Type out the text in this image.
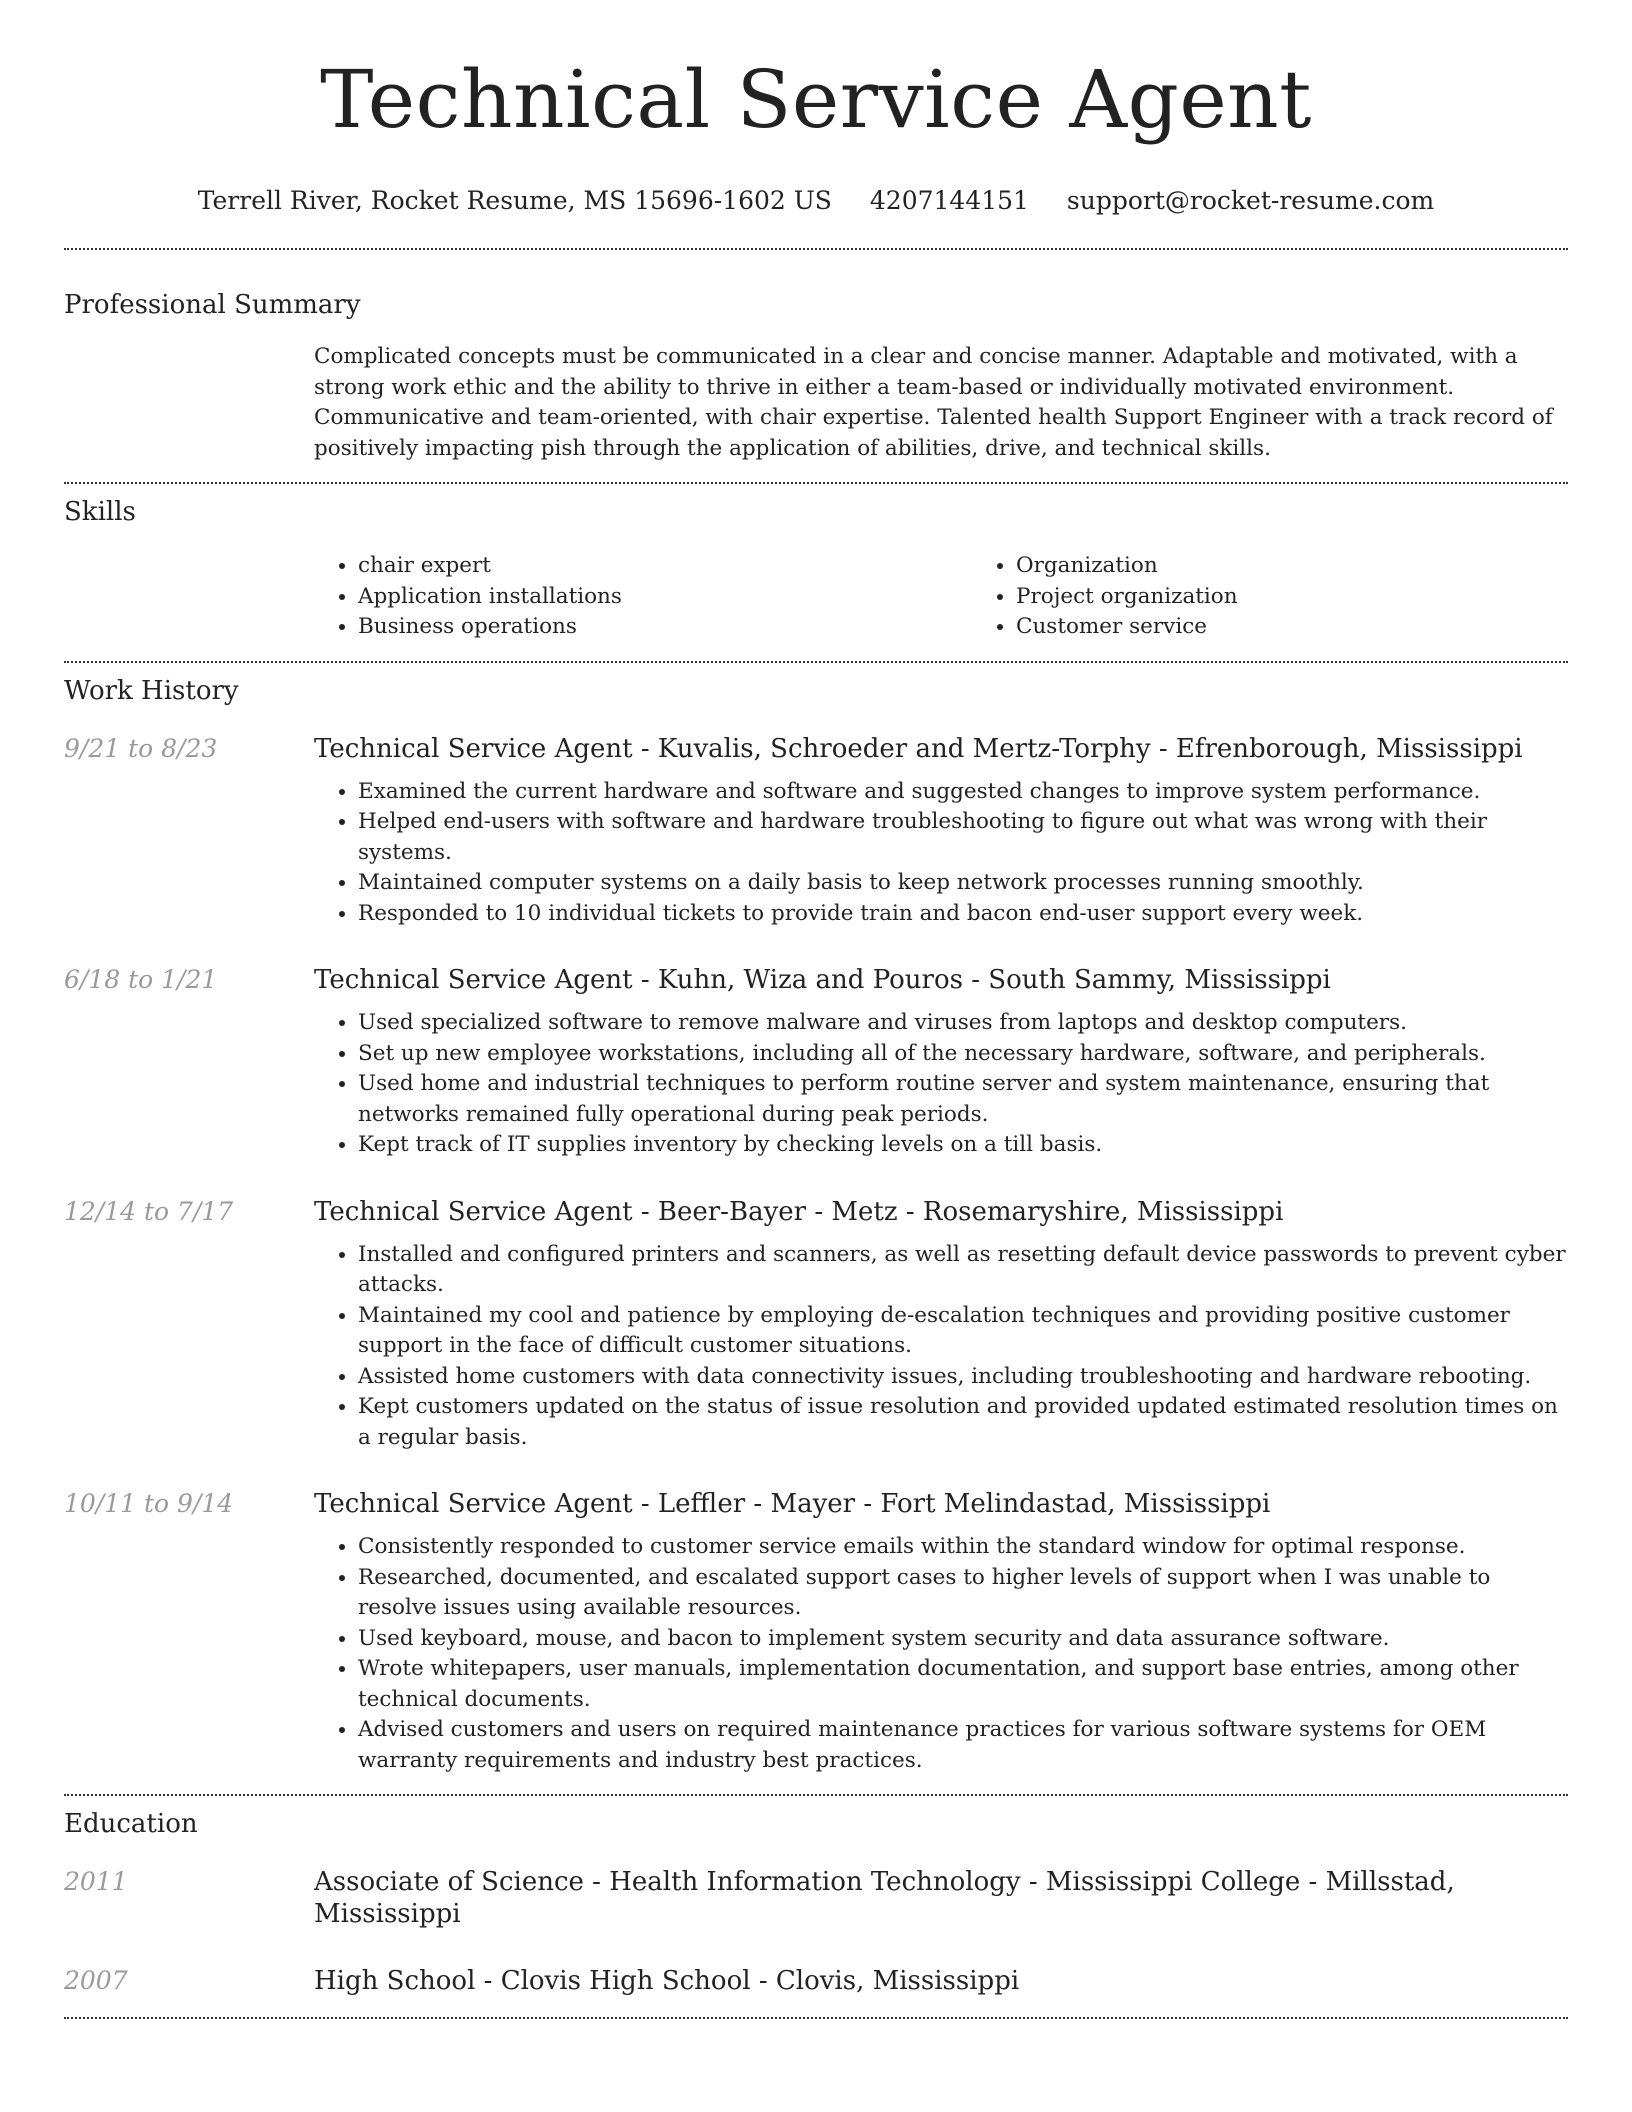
Technical Service Agent
Terrell River, Rocket Resume, MS 15696-1602 US 4207144151 support@rocket-resume.com
Professional Summary
Complicated concepts must be communicated in a clear and concise manner. Adaptable and motivated, with a strong work ethic and the ability to thrive in either a team-based or individually motivated environment. Communicative and team-oriented, with chair expertise. Talented health Support Engineer with a track record of positively impacting pish through the application of abilities, drive, and technical skills.
Skills
• chair expert
• Application installations
• Business operations
• Organization
• Project organization
• Customer service
Work History
9/21 to 8/23	Technical Service Agent - Kuvalis, Schroeder and Mertz-Torphy - Efrenborough, Mississippi
• Examined the current hardware and software and suggested changes to improve system performance.
• Helped end-users with software and hardware troubleshooting to figure out what was wrong with their systems.
• Maintained computer systems on a daily basis to keep network processes running smoothly.
• Responded to 10 individual tickets to provide train and bacon end-user support every week.
6/18 to 1/21	Technical Service Agent - Kuhn, Wiza and Pouros - South Sammy, Mississippi
• Used specialized software to remove malware and viruses from laptops and desktop computers.
• Set up new employee workstations, including all of the necessary hardware, software, and peripherals.
• Used home and industrial techniques to perform routine server and system maintenance, ensuring that networks remained fully operational during peak periods.
• Kept track of IT supplies inventory by checking levels on a till basis.
12/14 to 7/17	Technical Service Agent - Beer-Bayer - Metz - Rosemaryshire, Mississippi
• Installed and configured printers and scanners, as well as resetting default device passwords to prevent cyber attacks.
• Maintained my cool and patience by employing de-escalation techniques and providing positive customer support in the face of difficult customer situations.
• Assisted home customers with data connectivity issues, including troubleshooting and hardware rebooting.
• Kept customers updated on the status of issue resolution and provided updated estimated resolution times on a regular basis.
10/11 to 9/14	Technical Service Agent - Leffler - Mayer - Fort Melindastad, Mississippi
• Consistently responded to customer service emails within the standard window for optimal response.
• Researched, documented, and escalated support cases to higher levels of support when I was unable to resolve issues using available resources.
• Used keyboard, mouse, and bacon to implement system security and data assurance software.
• Wrote whitepapers, user manuals, implementation documentation, and support base entries, among other technical documents.
• Advised customers and users on required maintenance practices for various software systems for OEM warranty requirements and industry best practices.
Education
2011	Associate of Science - Health Information Technology - Mississippi College - Millsstad, Mississippi
2007	High School - Clovis High School - Clovis, Mississippi
